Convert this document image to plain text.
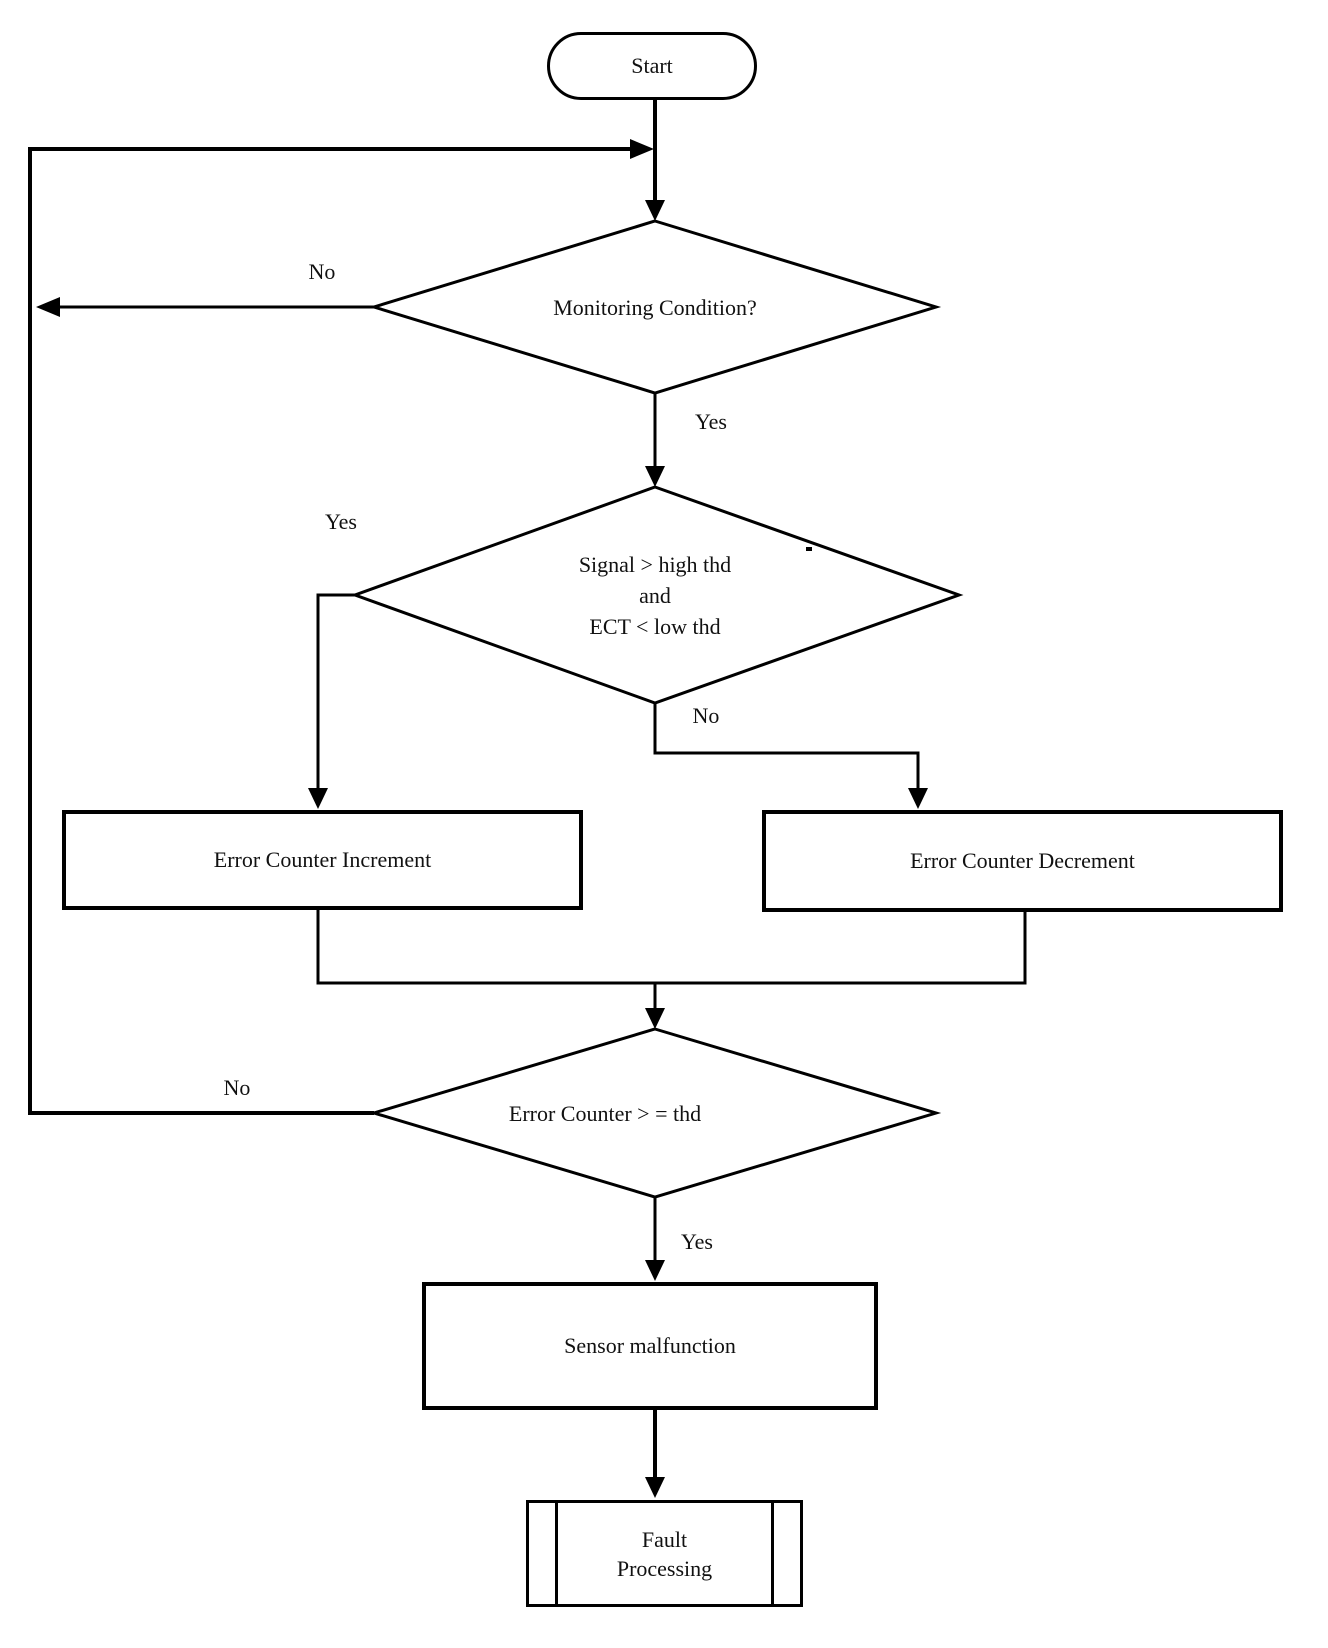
Start
Monitoring Condition?
Signal > high thd
and
ECT < low thd
Error Counter > = thd
Error Counter Increment	Error Counter Decrement
Sensor malfunction
Fault
Processing
No
Yes
Yes
No
No
Yes
